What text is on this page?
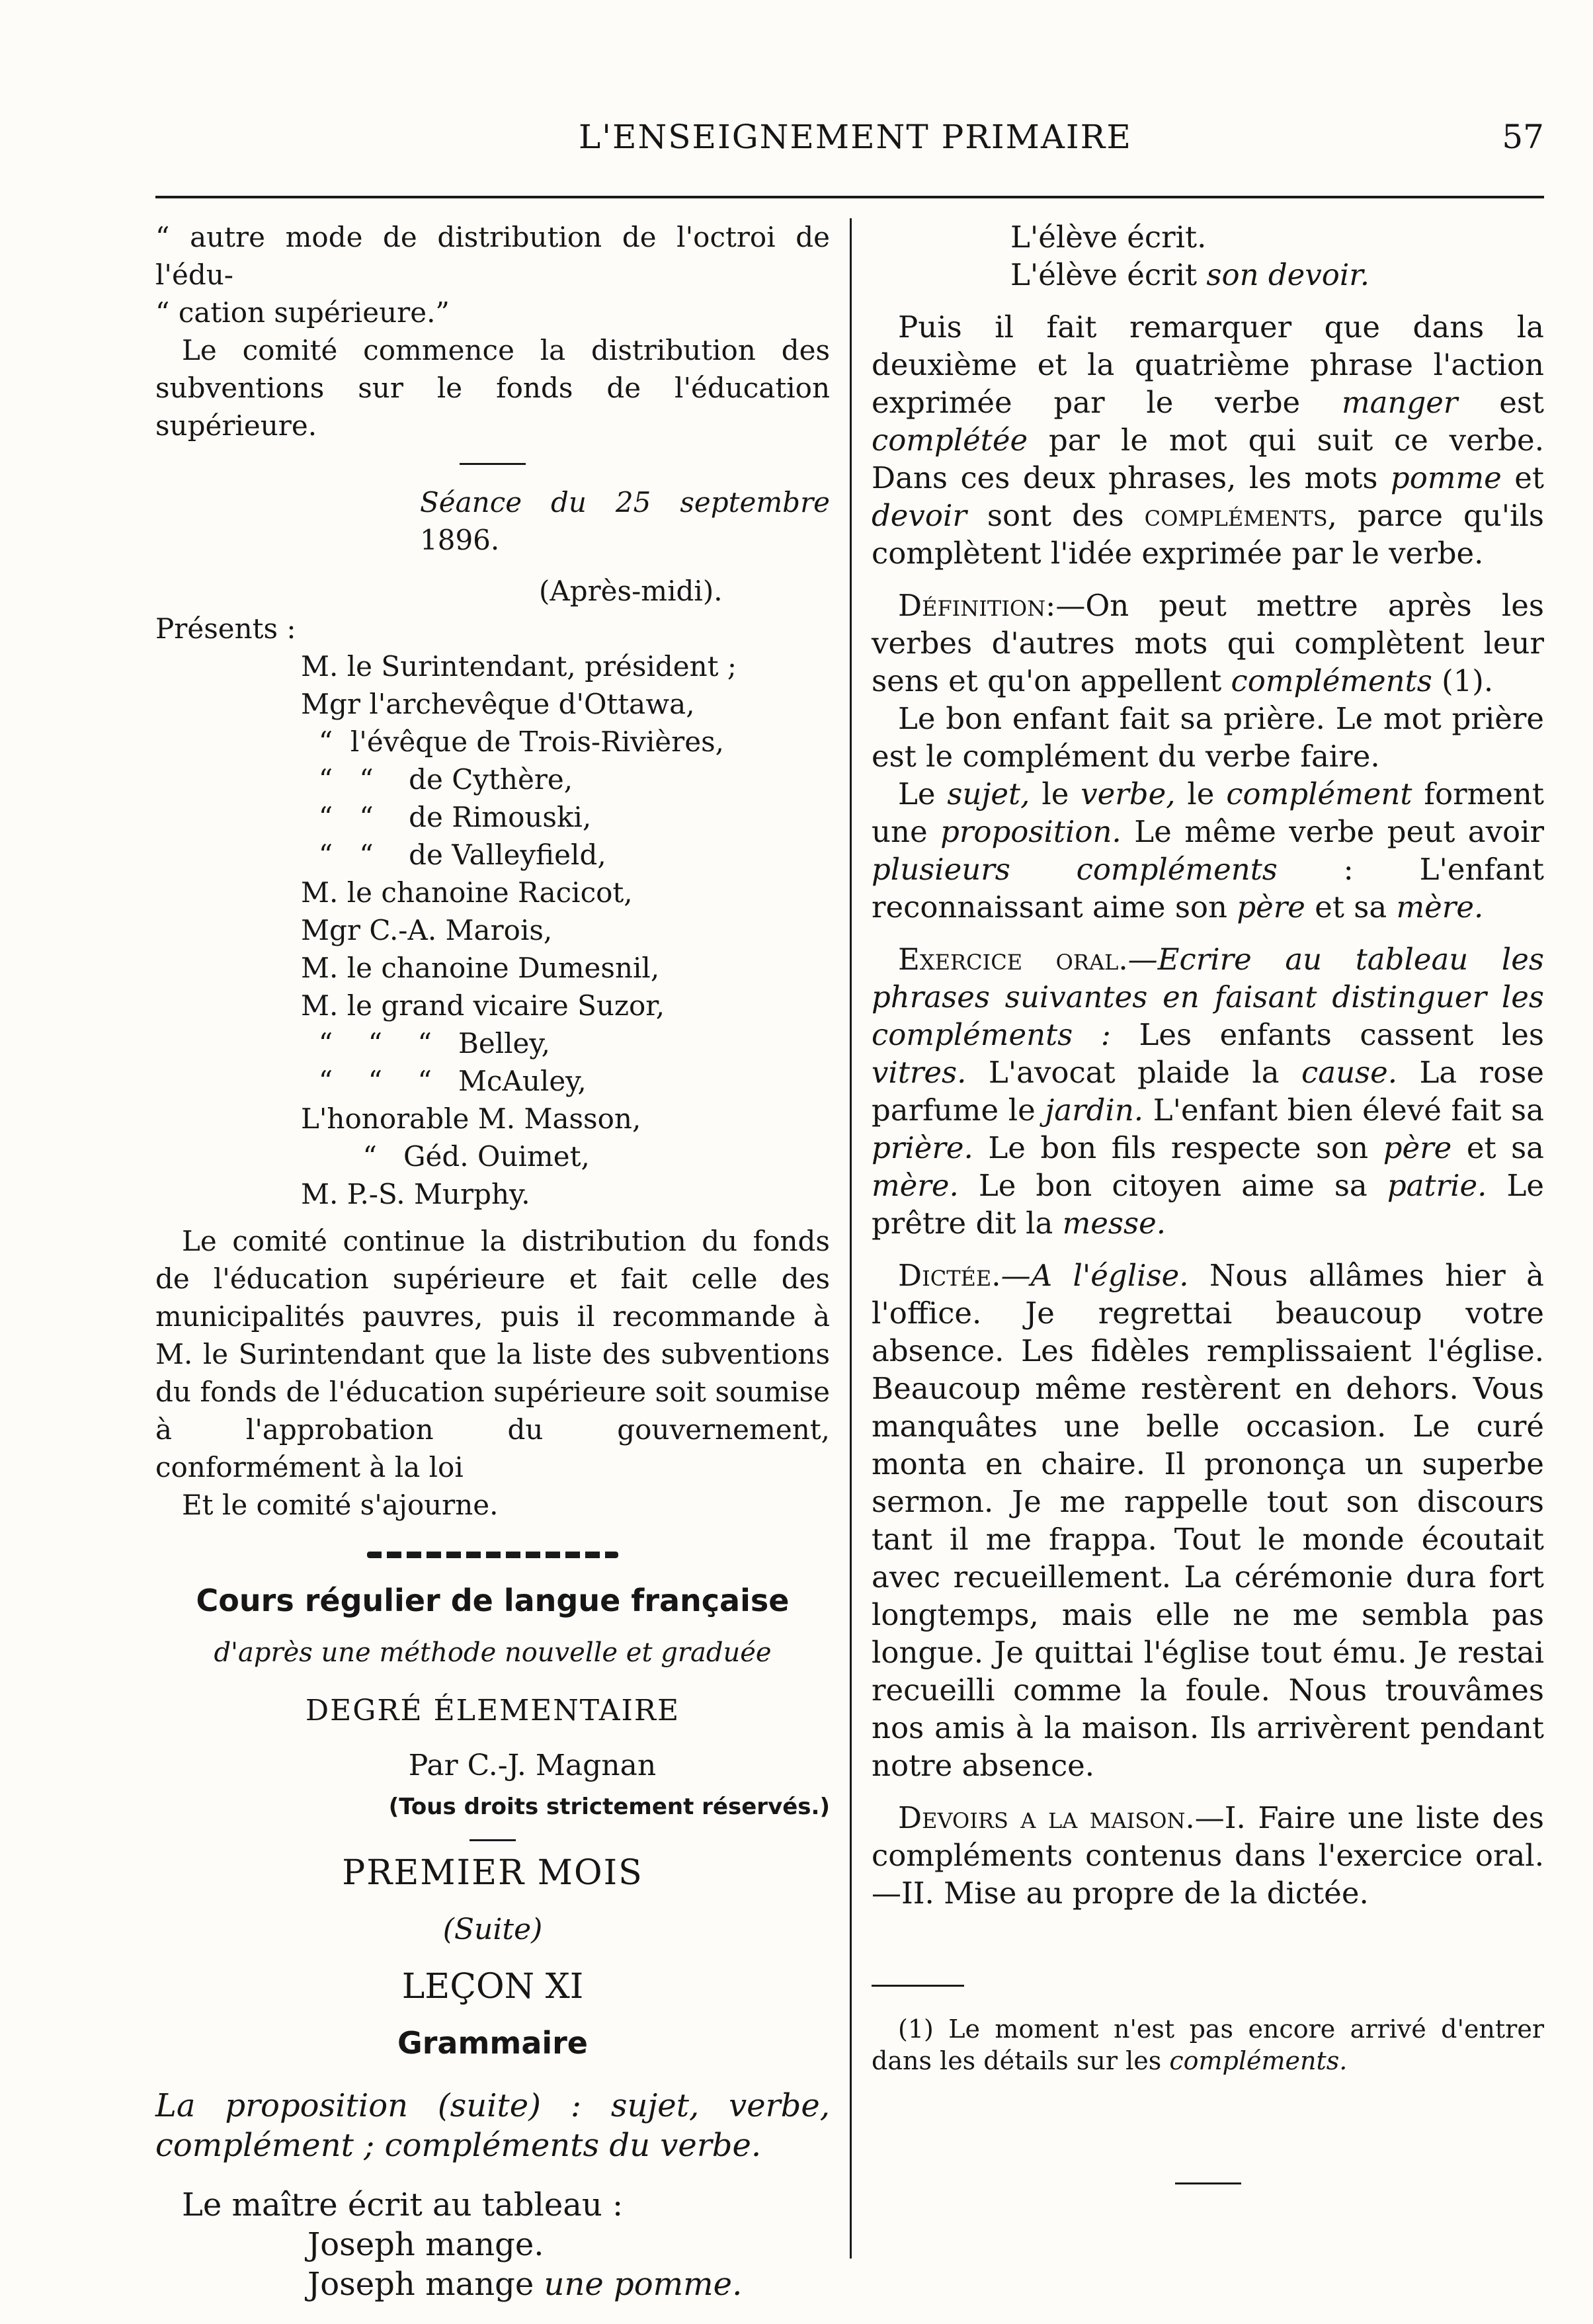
L'ENSEIGNEMENT PRIMAIRE	57

“ autre mode de distribution de l'octroi de l'édu-

“ cation supérieure.”

Le comité commence la distribution des subventions sur le fonds de l'éducation supérieure.

Séance du 25 septembre 1896.

(Après-midi).

Présents :

M. le Surintendant, président ;
Mgr l'archevêque d'Ottawa,
“  l'évêque de Trois-Rivières,
“   “    de Cythère,
“   “    de Rimouski,
“   “    de Valleyfield,
M. le chanoine Racicot,
Mgr C.-A. Marois,
M. le chanoine Dumesnil,
M. le grand vicaire Suzor,
“    “    “   Belley,
“    “    “   McAuley,
L'honorable M. Masson,
“   Géd. Ouimet,
M. P.-S. Murphy.

Le comité continue la distribution du fonds de l'éducation supérieure et fait celle des municipalités pauvres, puis il recommande à M. le Surintendant que la liste des subventions du fonds de l'éducation supérieure soit soumise à l'approbation du gouvernement, conformément à la loi

Et le comité s'ajourne.

Cours régulier de langue française

d'après une méthode nouvelle et graduée

DEGRÉ ÉLEMENTAIRE

Par C.-J. Magnan

(Tous droits strictement réservés.)

PREMIER MOIS

(Suite)

LEÇON XI

Grammaire

La proposition (suite) : sujet, verbe, complément ; compléments du verbe.

Le maître écrit au tableau :
Joseph mange.
Joseph mange une pomme.
L'élève écrit.
L'élève écrit son devoir.

Puis il fait remarquer que dans la deuxième et la quatrième phrase l'action exprimée par le verbe manger est complétée par le mot qui suit ce verbe. Dans ces deux phrases, les mots pomme et devoir sont des compléments, parce qu'ils complètent l'idée exprimée par le verbe.

Définition:—On peut mettre après les verbes d'autres mots qui complètent leur sens et qu'on appellent compléments (1).

Le bon enfant fait sa prière. Le mot prière est le complément du verbe faire.

Le sujet, le verbe, le complément forment une proposition. Le même verbe peut avoir plusieurs compléments : L'enfant reconnaissant aime son père et sa mère.

Exercice oral.—Ecrire au tableau les phrases suivantes en faisant distinguer les compléments : Les enfants cassent les vitres. L'avocat plaide la cause. La rose parfume le jardin. L'enfant bien élevé fait sa prière. Le bon fils respecte son père et sa mère. Le bon citoyen aime sa patrie. Le prêtre dit la messe.

Dictée.—A l'église. Nous allâmes hier à l'office. Je regrettai beaucoup votre absence. Les fidèles remplissaient l'église. Beaucoup même restèrent en dehors. Vous manquâtes une belle occasion. Le curé monta en chaire. Il prononça un superbe sermon. Je me rappelle tout son discours tant il me frappa. Tout le monde écoutait avec recueillement. La cérémonie dura fort longtemps, mais elle ne me sembla pas longue. Je quittai l'église tout ému. Je restai recueilli comme la foule. Nous trouvâmes nos amis à la maison. Ils arrivèrent pendant notre absence.

Devoirs a la maison.—I. Faire une liste des compléments contenus dans l'exercice oral.—II. Mise au propre de la dictée.

(1) Le moment n'est pas encore arrivé d'entrer dans les détails sur les compléments.
